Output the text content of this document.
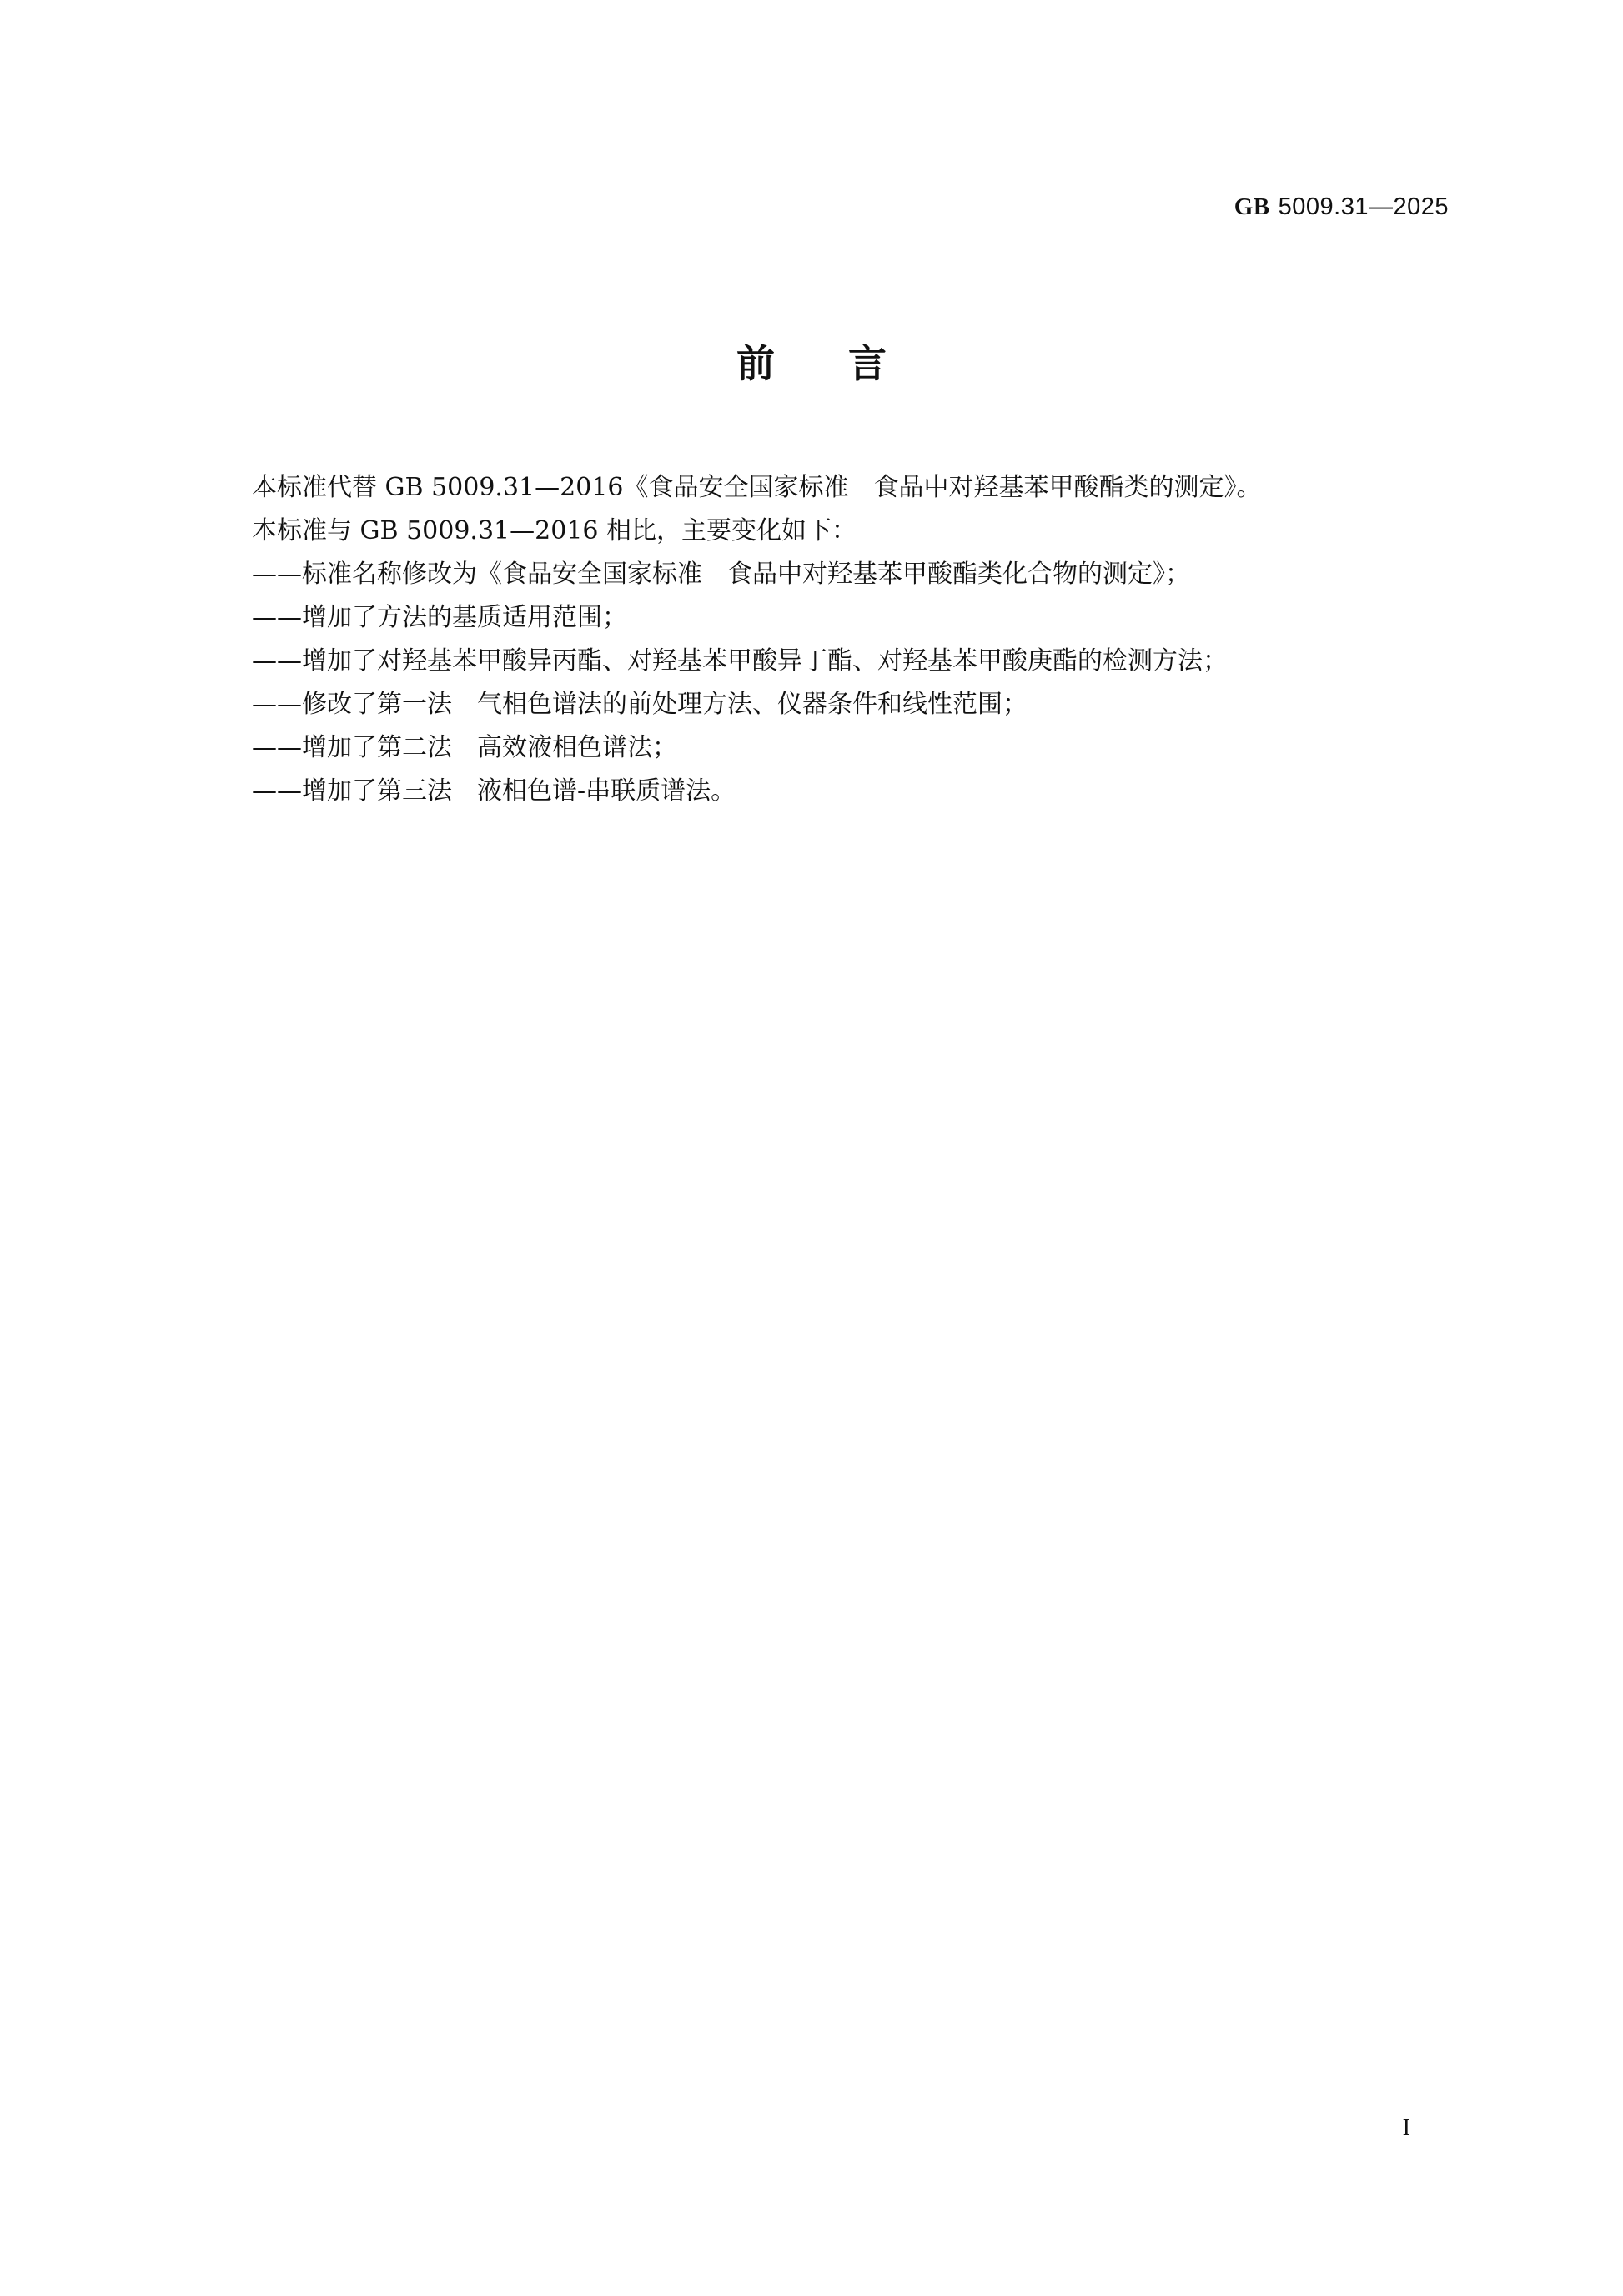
GB 5009.31—2025
前言

本标准代替 GB 5009.31—2016《食品安全国家标准　食品中对羟基苯甲酸酯类的测定》。

本标准与 GB 5009.31—2016 相比，主要变化如下：

——标准名称修改为《食品安全国家标准　食品中对羟基苯甲酸酯类化合物的测定》；
——增加了方法的基质适用范围；
——增加了对羟基苯甲酸异丙酯、对羟基苯甲酸异丁酯、对羟基苯甲酸庚酯的检测方法；
——修改了第一法　气相色谱法的前处理方法、仪器条件和线性范围；
——增加了第二法　高效液相色谱法；
——增加了第三法　液相色谱-串联质谱法。
I
